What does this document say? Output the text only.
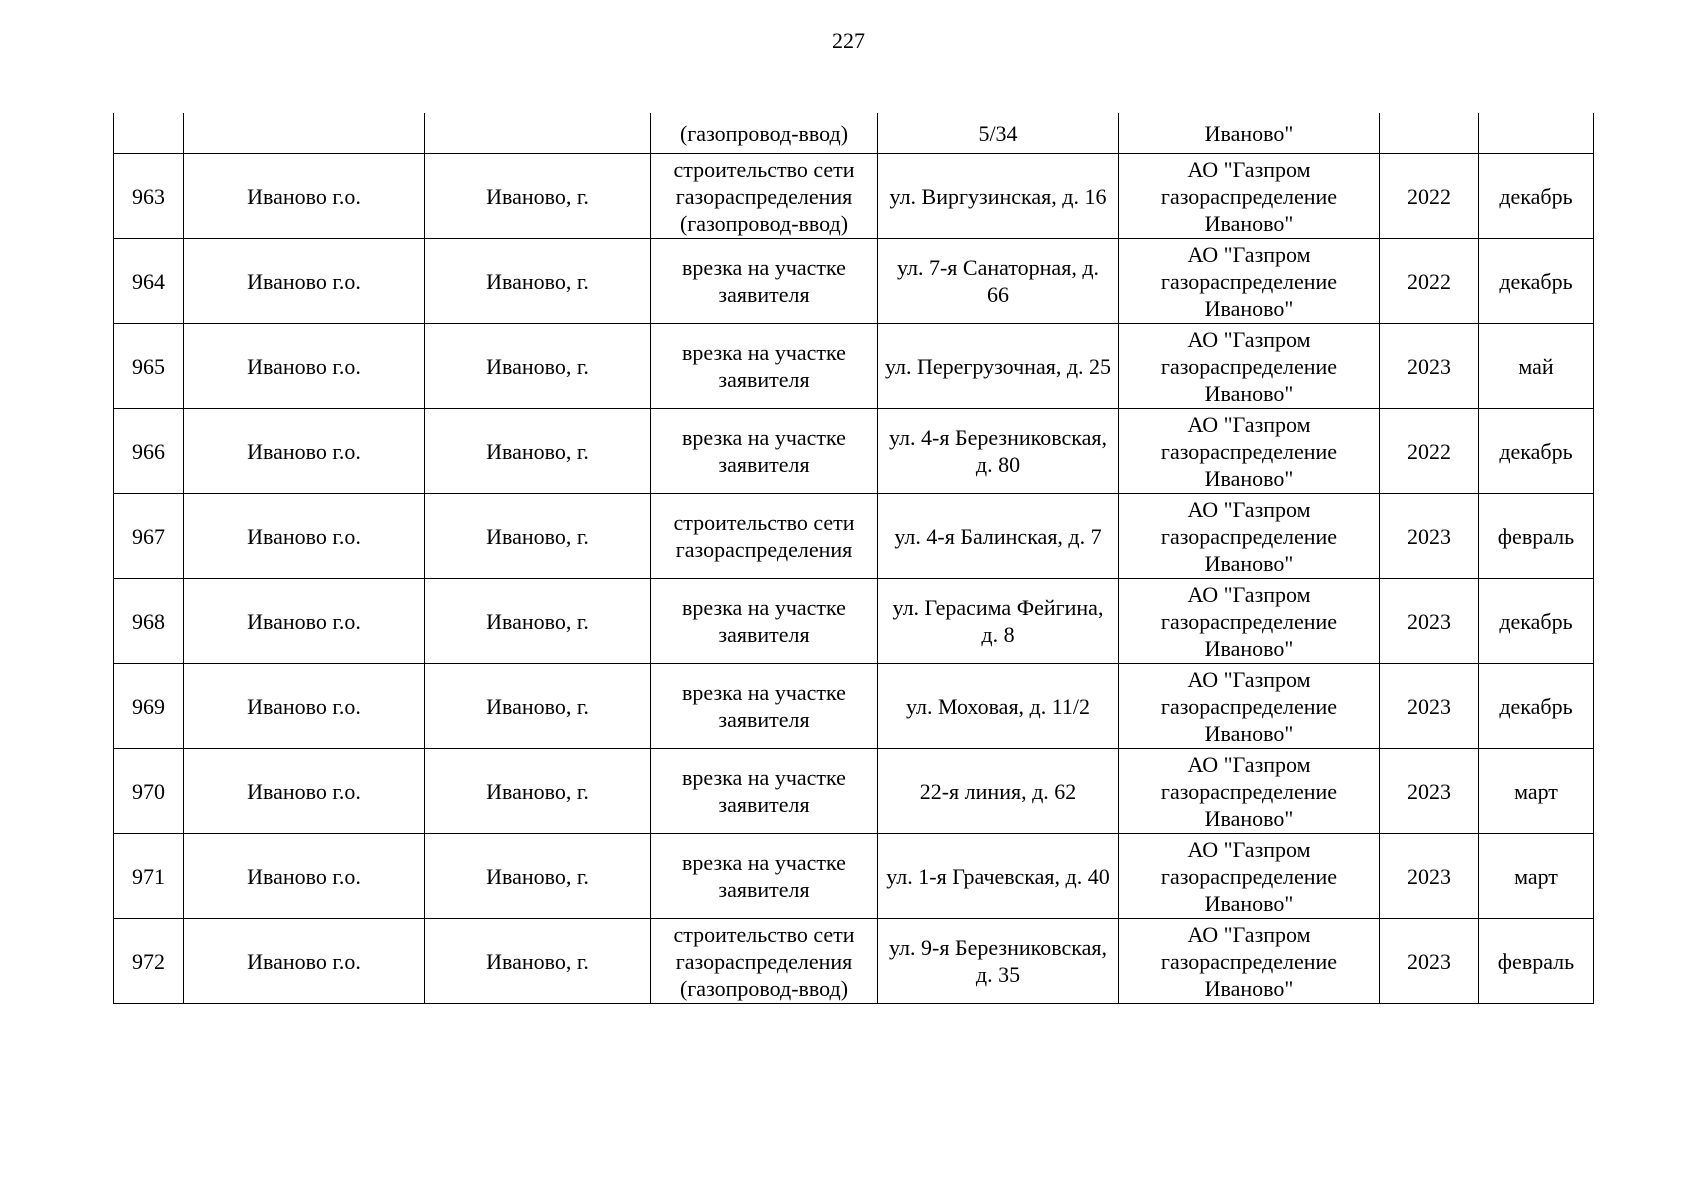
227
			(газопровод-ввод)	5/34	Иваново"		
963	Иваново г.о.	Иваново, г.	строительство сети газораспределения (газопровод-ввод)	ул. Виргузинская, д. 16	АО "Газпром газораспределение Иваново"	2022	декабрь
964	Иваново г.о.	Иваново, г.	врезка на участке заявителя	ул. 7-я Санаторная, д. 66	АО "Газпром газораспределение Иваново"	2022	декабрь
965	Иваново г.о.	Иваново, г.	врезка на участке заявителя	ул. Перегрузочная, д. 25	АО "Газпром газораспределение Иваново"	2023	май
966	Иваново г.о.	Иваново, г.	врезка на участке заявителя	ул. 4-я Березниковская, д. 80	АО "Газпром газораспределение Иваново"	2022	декабрь
967	Иваново г.о.	Иваново, г.	строительство сети газораспределения	ул. 4-я Балинская, д. 7	АО "Газпром газораспределение Иваново"	2023	февраль
968	Иваново г.о.	Иваново, г.	врезка на участке заявителя	ул. Герасима Фейгина, д. 8	АО "Газпром газораспределение Иваново"	2023	декабрь
969	Иваново г.о.	Иваново, г.	врезка на участке заявителя	ул. Моховая, д. 11/2	АО "Газпром газораспределение Иваново"	2023	декабрь
970	Иваново г.о.	Иваново, г.	врезка на участке заявителя	22-я линия, д. 62	АО "Газпром газораспределение Иваново"	2023	март
971	Иваново г.о.	Иваново, г.	врезка на участке заявителя	ул. 1-я Грачевская, д. 40	АО "Газпром газораспределение Иваново"	2023	март
972	Иваново г.о.	Иваново, г.	строительство сети газораспределения (газопровод-ввод)	ул. 9-я Березниковская, д. 35	АО "Газпром газораспределение Иваново"	2023	февраль
